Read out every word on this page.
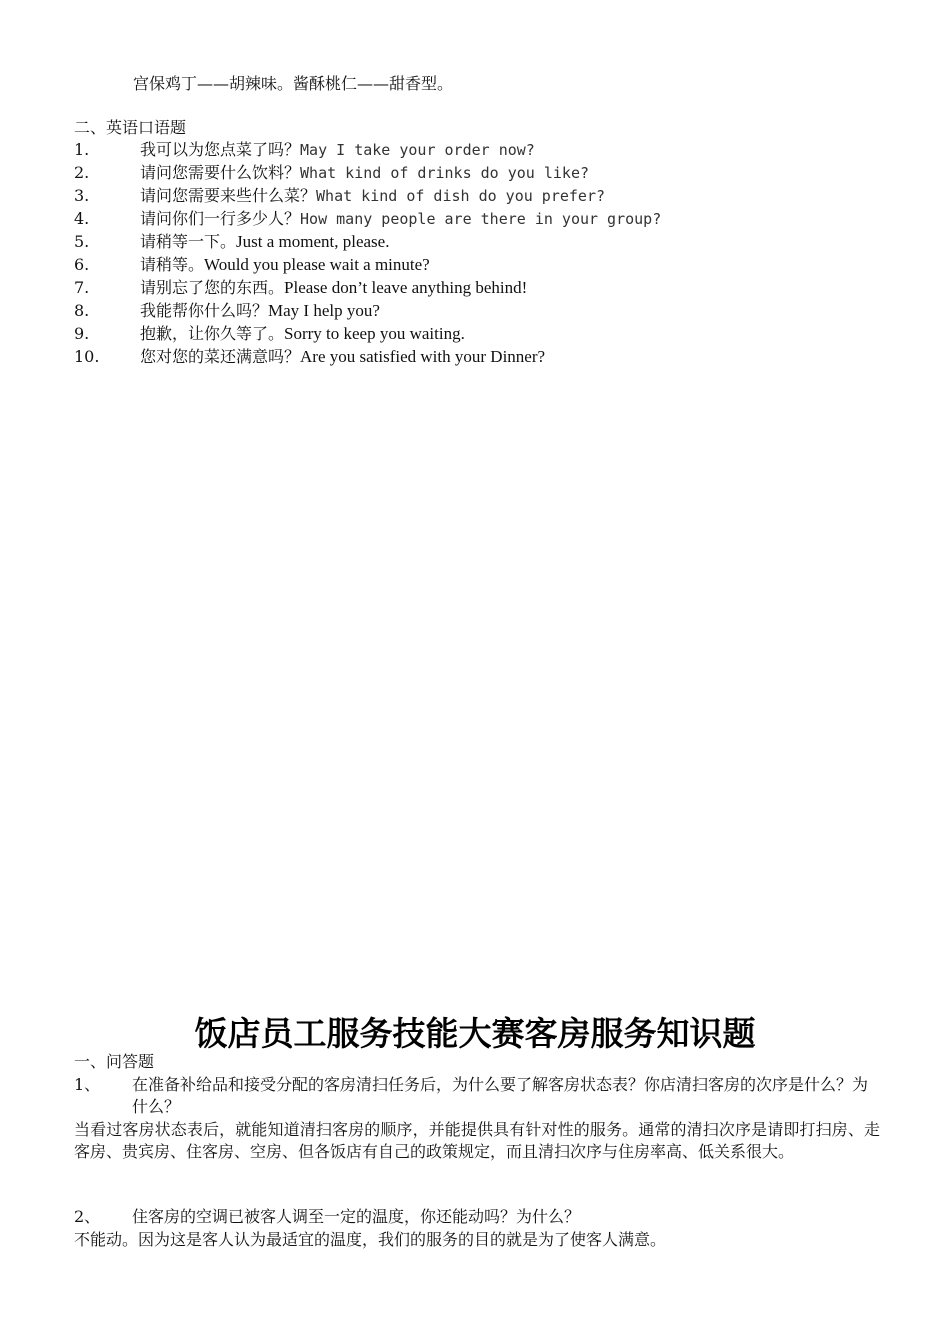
宫保鸡丁——胡辣味。酱酥桃仁——甜香型。
二、英语口语题
1.	我可以为您点菜了吗？May I take your order now?
2.	请问您需要什么饮料？What kind of drinks do you like?
3.	请问您需要来些什么菜？What kind of dish do you prefer?
4.	请问你们一行多少人？How many people are there in your group?
5.	请稍等一下。Just a moment, please.
6.	请稍等。Would you please wait a minute?
7.	请别忘了您的东西。Please don’t leave anything behind!
8.	我能帮你什么吗？May I help you?
9.	抱歉，让你久等了。Sorry to keep you waiting.
10.	您对您的菜还满意吗？Are you satisfied with your Dinner?
饭店员工服务技能大赛客房服务知识题
一、问答题
1、 在准备补给品和接受分配的客房清扫任务后，为什么要了解客房状态表？你店清扫客房的次序是什么？为什么？
当看过客房状态表后，就能知道清扫客房的顺序，并能提供具有针对性的服务。通常的清扫次序是请即打扫房、走客房、贵宾房、住客房、空房、但各饭店有自己的政策规定，而且清扫次序与住房率高、低关系很大。
2、 住客房的空调已被客人调至一定的温度，你还能动吗？为什么？
不能动。因为这是客人认为最适宜的温度，我们的服务的目的就是为了使客人满意。
